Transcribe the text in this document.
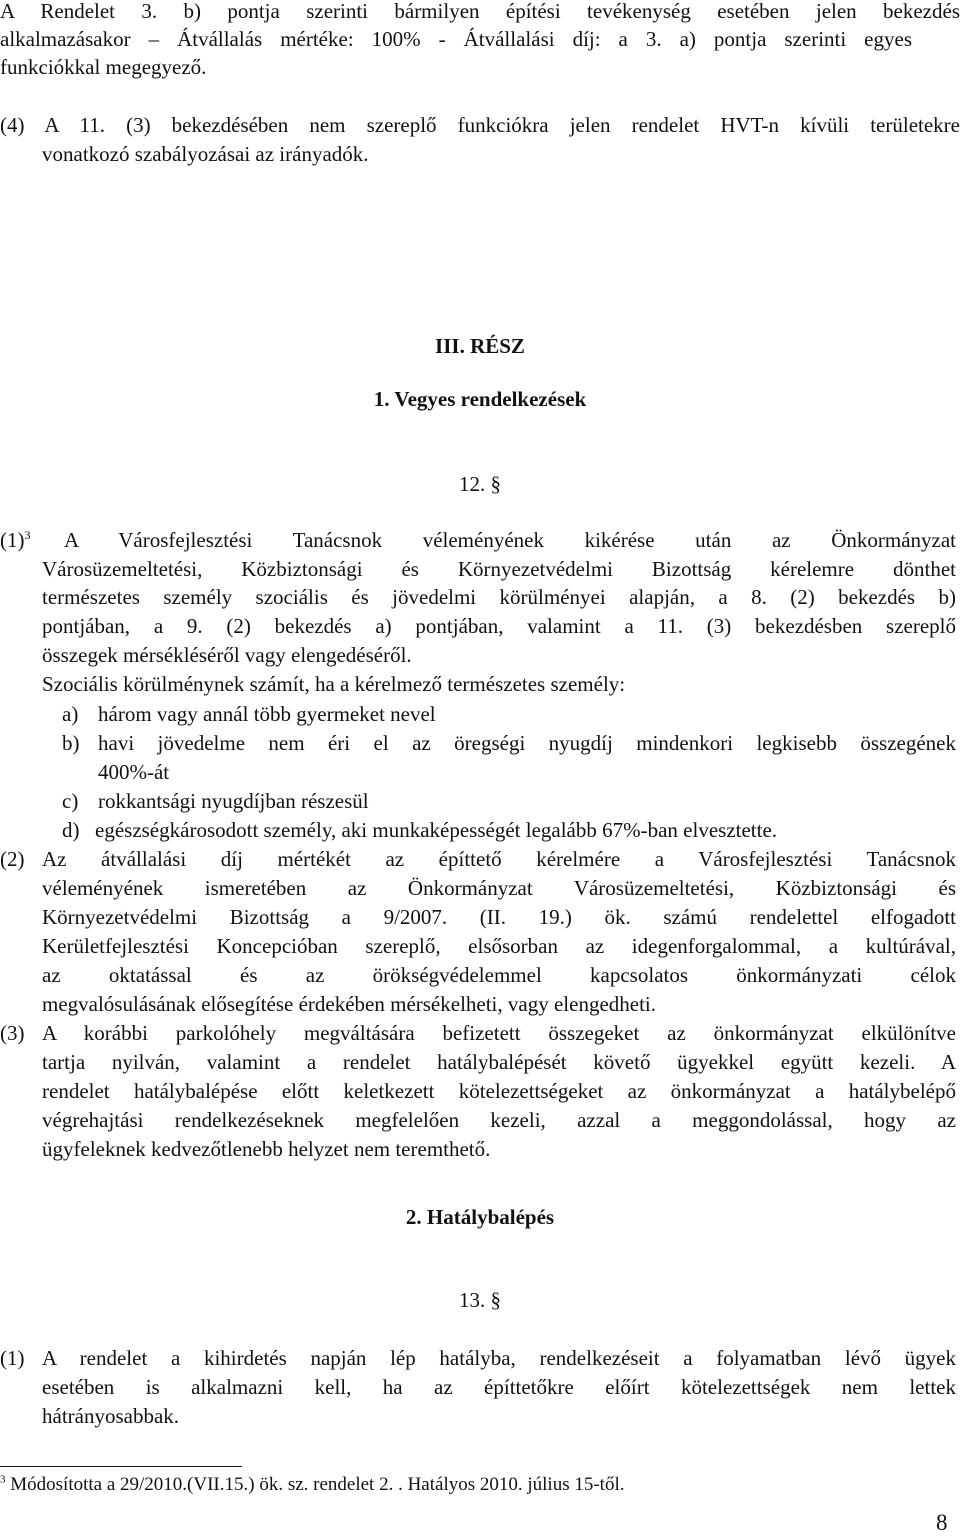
A Rendelet 3. b) pontja szerinti bármilyen építési tevékenység esetében jelen bekezdés
alkalmazásakor – Átvállalás mértéke: 100% - Átvállalási díj: a 3. a) pontja szerinti egyes
funkciókkal megegyező.
(4) A 11. (3) bekezdésében nem szereplő funkciókra jelen rendelet HVT-n kívüli területekre
vonatkozó szabályozásai az irányadók.
III. RÉSZ
1. Vegyes rendelkezések
12. §
$(1)^3$ A Városfejlesztési Tanácsnok véleményének kikérése után az Önkormányzat
Városüzemeltetési, Közbiztonsági és Környezetvédelmi Bizottság kérelemre dönthet
természetes személy szociális és jövedelmi körülményei alapján, a 8. (2) bekezdés b)
pontjában, a 9. (2) bekezdés a) pontjában, valamint a 11. (3) bekezdésben szereplő
összegek mérsékléséről vagy elengedéséről.
Szociális körülménynek számít, ha a kérelmező természetes személy:
a) három vagy annál több gyermeket nevel
b) havi jövedelme nem éri el az öregségi nyugdíj mindenkori legkisebb összegének
400%-át
c) rokkantsági nyugdíjban részesül
d) egészségkárosodott személy, aki munkaképességét legalább 67%-ban elvesztette.
(2) Az átvállalási díj mértékét az építtető kérelmére a Városfejlesztési Tanácsnok
véleményének ismeretében az Önkormányzat Városüzemeltetési, Közbiztonsági és
Környezetvédelmi Bizottság a 9/2007. (II. 19.) ök. számú rendelettel elfogadott
Kerületfejlesztési Koncepcióban szereplő, elsősorban az idegenforgalommal, a kultúrával,
az oktatással és az örökségvédelemmel kapcsolatos önkormányzati célok
megvalósulásának elősegítése érdekében mérsékelheti, vagy elengedheti.
(3) A korábbi parkolóhely megváltására befizetett összegeket az önkormányzat elkülönítve
tartja nyilván, valamint a rendelet hatálybalépését követő ügyekkel együtt kezeli. A
rendelet hatálybalépése előtt keletkezett kötelezettségeket az önkormányzat a hatálybelépő
végrehajtási rendelkezéseknek megfelelően kezeli, azzal a meggondolással, hogy az
ügyfeleknek kedvezőtlenebb helyzet nem teremthető.
2. Hatálybalépés
13. §
(1) A rendelet a kihirdetés napján lép hatályba, rendelkezéseit a folyamatban lévő ügyek
esetében is alkalmazni kell, ha az építtetőkre előírt kötelezettségek nem lettek
hátrányosabbak.
$^3$ Módosította a 29/2010.(VII.15.) ök. sz. rendelet 2. . Hatályos 2010. július 15-től.
8
